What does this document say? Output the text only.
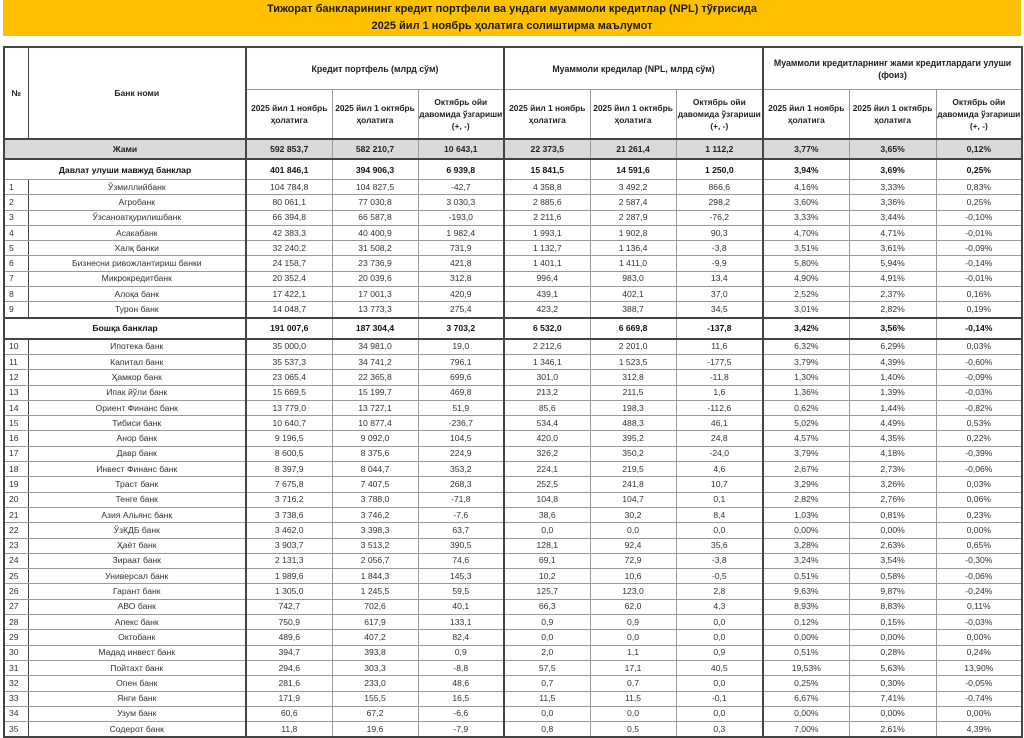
Тижорат банкларининг кредит портфели ва ундаги муаммоли кредитлар (NPL) тўғрисида
2025 йил 1 ноябрь ҳолатига солиштирма маълумот
№	Банк номи	Кредит портфель (млрд сўм)			Муаммоли кредилар (NPL, млрд сўм)			Муаммоли кредитларнинг жами кредитлардаги улуши (фоиз)		
		2025 йил 1 ноябрь ҳолатига	2025 йил 1 октябрь ҳолатига	Октябрь ойи давомида ўзгариши (+, -)	2025 йил 1 ноябрь ҳолатига	2025 йил 1 октябрь ҳолатига	Октябрь ойи давомида ўзгариши (+, -)	2025 йил 1 ноябрь ҳолатига	2025 йил 1 октябрь ҳолатига	Октябрь ойи давомида ўзгариши (+, -)
Жами		592 853,7	582 210,7	10 643,1	22 373,5	21 261,4	1 112,2	3,77%	3,65%	0,12%
Давлат улуши мавжуд банклар		401 846,1	394 906,3	6 939,8	15 841,5	14 591,6	1 250,0	3,94%	3,69%	0,25%
1	Ўзмиллийбанк	104 784,8	104 827,5	-42,7	4 358,8	3 492,2	866,6	4,16%	3,33%	0,83%
2	Агробанк	80 061,1	77 030,8	3 030,3	2 885,6	2 587,4	298,2	3,60%	3,36%	0,25%
3	Ўзсаноатқурилишбанк	66 394,8	66 587,8	-193,0	2 211,6	2 287,9	-76,2	3,33%	3,44%	-0,10%
4	Асакабанк	42 383,3	40 400,9	1 982,4	1 993,1	1 902,8	90,3	4,70%	4,71%	-0,01%
5	Халқ банки	32 240,2	31 508,2	731,9	1 132,7	1 136,4	-3,8	3,51%	3,61%	-0,09%
6	Бизнесни ривожлантириш банки	24 158,7	23 736,9	421,8	1 401,1	1 411,0	-9,9	5,80%	5,94%	-0,14%
7	Микрокредитбанк	20 352,4	20 039,6	312,8	996,4	983,0	13,4	4,90%	4,91%	-0,01%
8	Алоқа банк	17 422,1	17 001,3	420,9	439,1	402,1	37,0	2,52%	2,37%	0,16%
9	Турон банк	14 048,7	13 773,3	275,4	423,2	388,7	34,5	3,01%	2,82%	0,19%
Бошқа банклар		191 007,6	187 304,4	3 703,2	6 532,0	6 669,8	-137,8	3,42%	3,56%	-0,14%
10	Ипотека банк	35 000,0	34 981,0	19,0	2 212,6	2 201,0	11,6	6,32%	6,29%	0,03%
11	Капитал банк	35 537,3	34 741,2	796,1	1 346,1	1 523,5	-177,5	3,79%	4,39%	-0,60%
12	Ҳамкор банк	23 065,4	22 365,8	699,6	301,0	312,8	-11,8	1,30%	1,40%	-0,09%
13	Ипак йўли банк	15 669,5	15 199,7	469,8	213,2	211,5	1,6	1,36%	1,39%	-0,03%
14	Ориент Финанс банк	13 779,0	13 727,1	51,9	85,6	198,3	-112,6	0,62%	1,44%	-0,82%
15	Тибиси банк	10 640,7	10 877,4	-236,7	534,4	488,3	46,1	5,02%	4,49%	0,53%
16	Анор банк	9 196,5	9 092,0	104,5	420,0	395,2	24,8	4,57%	4,35%	0,22%
17	Давр банк	8 600,5	8 375,6	224,9	326,2	350,2	-24,0	3,79%	4,18%	-0,39%
18	Инвест Финанс банк	8 397,9	8 044,7	353,2	224,1	219,5	4,6	2,67%	2,73%	-0,06%
19	Траст банк	7 675,8	7 407,5	268,3	252,5	241,8	10,7	3,29%	3,26%	0,03%
20	Тенге банк	3 716,2	3 788,0	-71,8	104,8	104,7	0,1	2,82%	2,76%	0,06%
21	Азия Альянс банк	3 738,6	3 746,2	-7,6	38,6	30,2	8,4	1,03%	0,81%	0,23%
22	ЎзКДБ банк	3 462,0	3 398,3	63,7	0,0	0,0	0,0	0,00%	0,00%	0,00%
23	Ҳаёт банк	3 903,7	3 513,2	390,5	128,1	92,4	35,6	3,28%	2,63%	0,65%
24	Зираат банк	2 131,3	2 056,7	74,6	69,1	72,9	-3,8	3,24%	3,54%	-0,30%
25	Универсал банк	1 989,6	1 844,3	145,3	10,2	10,6	-0,5	0,51%	0,58%	-0,06%
26	Гарант банк	1 305,0	1 245,5	59,5	125,7	123,0	2,8	9,63%	9,87%	-0,24%
27	АВО банк	742,7	702,6	40,1	66,3	62,0	4,3	8,93%	8,83%	0,11%
28	Апекс банк	750,9	617,9	133,1	0,9	0,9	0,0	0,12%	0,15%	-0,03%
29	Октобанк	489,6	407,2	82,4	0,0	0,0	0,0	0,00%	0,00%	0,00%
30	Мадад инвест банк	394,7	393,8	0,9	2,0	1,1	0,9	0,51%	0,28%	0,24%
31	Пойтахт банк	294,6	303,3	-8,8	57,5	17,1	40,5	19,53%	5,63%	13,90%
32	Опен банк	281,6	233,0	48,6	0,7	0,7	0,0	0,25%	0,30%	-0,05%
33	Янги банк	171,9	155,5	16,5	11,5	11,5	-0,1	6,67%	7,41%	-0,74%
34	Узум банк	60,6	67,2	-6,6	0,0	0,0	0,0	0,00%	0,00%	0,00%
35	Содерот банк	11,8	19,6	-7,9	0,8	0,5	0,3	7,00%	2,61%	4,39%
